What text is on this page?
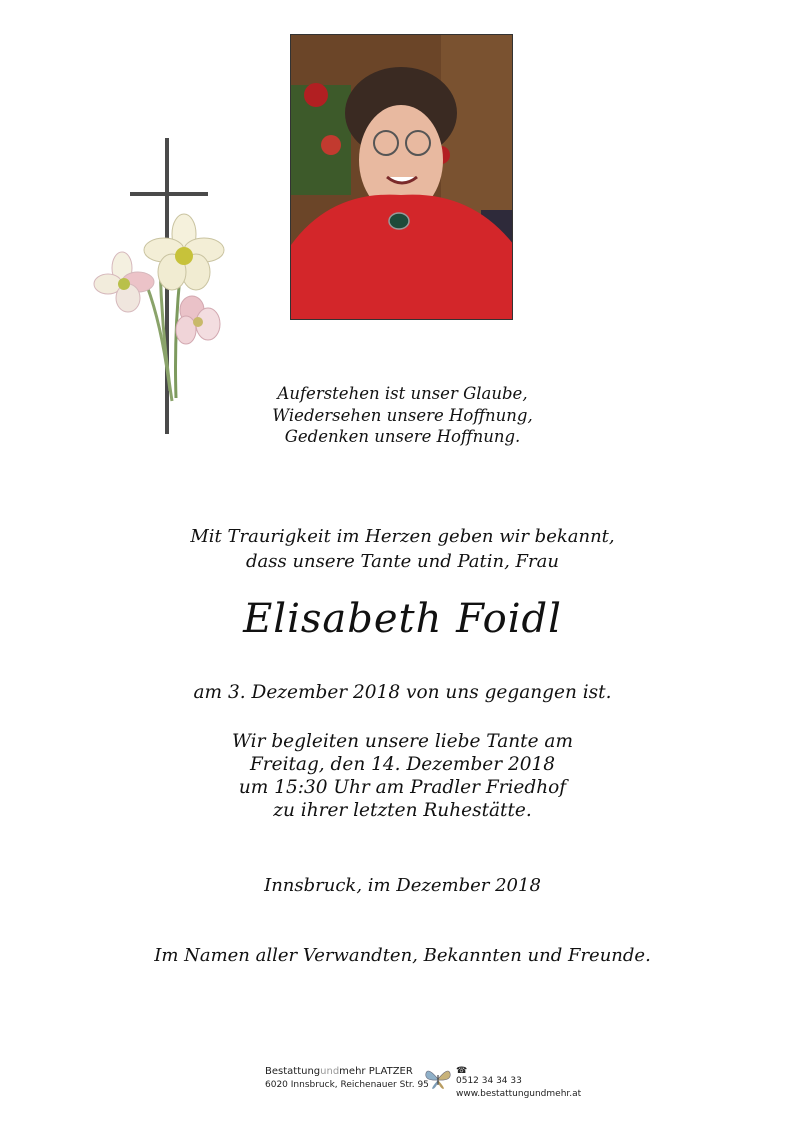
Auferstehen ist unser Glaube,
Wiedersehen unsere Hoffnung,
Gedenken unsere Hoffnung.
Mit Traurigkeit im Herzen geben wir bekannt,
dass unsere Tante und Patin, Frau
Elisabeth Foidl
am 3. Dezember 2018 von uns gegangen ist.
Wir begleiten unsere liebe Tante am
Freitag, den 14. Dezember 2018
um 15:30 Uhr am Pradler Friedhof
zu ihrer letzten Ruhestätte.
Innsbruck, im Dezember 2018
Im Namen aller Verwandten, Bekannten und Freunde.
Bestattungundmehr PLATZER
6020 Innsbruck, Reichenauer Str. 95
☎
0512 34 34 33
www.bestattungundmehr.at
